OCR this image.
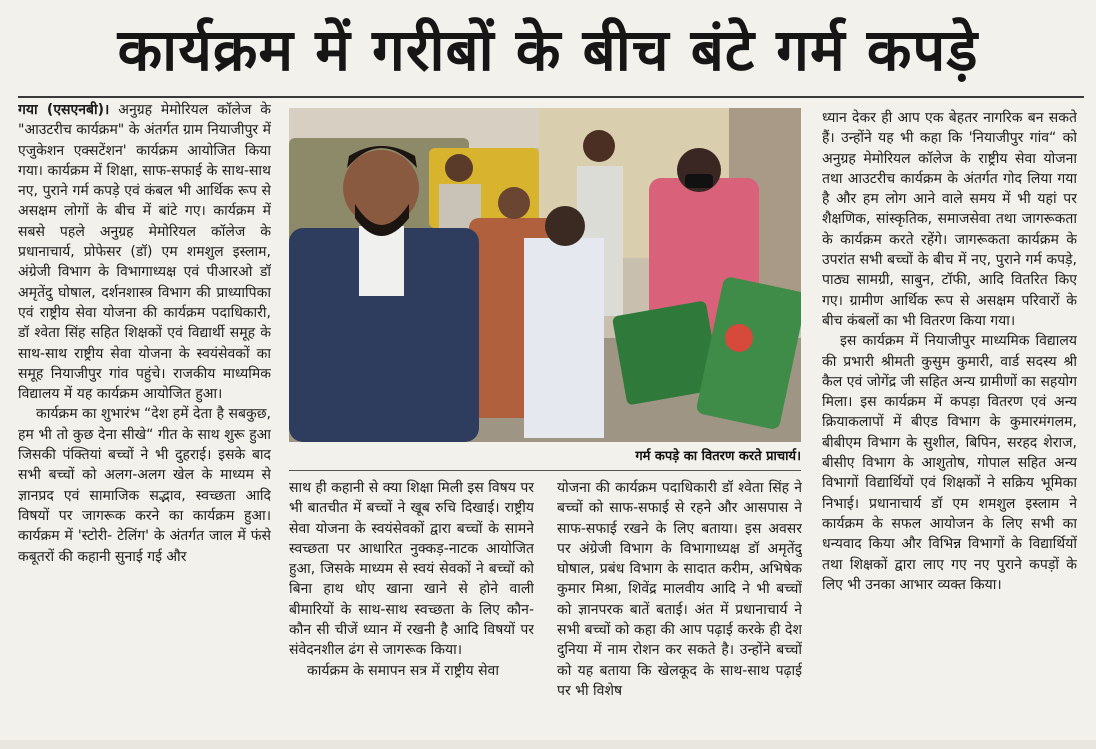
कार्यक्रम में गरीबों के बीच बंटे गर्म कपड़े

गया (एसएनबी)। अनुग्रह मेमोरियल कॉलेज के "आउटरीच कार्यक्रम" के अंतर्गत ग्राम नियाजीपुर में एजुकेशन एक्सटेंशन' कार्यक्रम आयोजित किया गया। कार्यक्रम में शिक्षा, साफ-सफाई के साथ-साथ नए, पुराने गर्म कपड़े एवं कंबल भी आर्थिक रूप से असक्षम लोगों के बीच में बांटे गए। कार्यक्रम में सबसे पहले अनुग्रह मेमोरियल कॉलेज के प्रधानाचार्य, प्रोफेसर (डॉ) एम शमशुल इस्लाम, अंग्रेजी विभाग के विभागाध्यक्ष एवं पीआरओ डॉ अमृतेंदु घोषाल, दर्शनशास्त्र विभाग की प्राध्यापिका एवं राष्ट्रीय सेवा योजना की कार्यक्रम पदाधिकारी, डॉ श्वेता सिंह सहित शिक्षकों एवं विद्यार्थी समूह के साथ-साथ राष्ट्रीय सेवा योजना के स्वयंसेवकों का समूह नियाजीपुर गांव पहुंचे। राजकीय माध्यमिक विद्यालय में यह कार्यक्रम आयोजित हुआ।

कार्यक्रम का शुभारंभ “देश हमें देता है सबकुछ, हम भी तो कुछ देना सीखे“ गीत के साथ शुरू हुआ जिसकी पंक्तियां बच्चों ने भी दुहराई। इसके बाद सभी बच्चों को अलग-अलग खेल के माध्यम से ज्ञानप्रद एवं सामाजिक सद्भाव, स्वच्छता आदि विषयों पर जागरूक करने का कार्यक्रम हुआ। कार्यक्रम में 'स्टोरी- टेलिंग' के अंतर्गत जाल में फंसे कबूतरों की कहानी सुनाई गई और

गर्म कपड़े का वितरण करते प्राचार्य।

साथ ही कहानी से क्या शिक्षा मिली इस विषय पर भी बातचीत में बच्चों ने खूब रुचि दिखाई। राष्ट्रीय सेवा योजना के स्वयंसेवकों द्वारा बच्चों के सामने स्वच्छता पर आधारित नुक्कड़-नाटक आयोजित हुआ, जिसके माध्यम से स्वयं सेवकों ने बच्चों को बिना हाथ धोए खाना खाने से होने वाली बीमारियों के साथ-साथ स्वच्छता के लिए कौन-कौन सी चीजें ध्यान में रखनी है आदि विषयों पर संवेदनशील ढंग से जागरूक किया।

कार्यक्रम के समापन सत्र में राष्ट्रीय सेवा

योजना की कार्यक्रम पदाधिकारी डॉ श्वेता सिंह ने बच्चों को साफ-सफाई से रहने और आसपास ने साफ-सफाई रखने के लिए बताया। इस अवसर पर अंग्रेजी विभाग के विभागाध्यक्ष डॉ अमृतेंदु घोषाल, प्रबंध विभाग के सादात करीम, अभिषेक कुमार मिश्रा, शिवेंद्र मालवीय आदि ने भी बच्चों को ज्ञानपरक बातें बताई। अंत में प्रधानाचार्य ने सभी बच्चों को कहा की आप पढ़ाई करके ही देश दुनिया में नाम रोशन कर सकते है। उन्होंने बच्चों को यह बताया कि खेलकूद के साथ-साथ पढ़ाई पर भी विशेष

ध्यान देकर ही आप एक बेहतर नागरिक बन सकते हैं। उन्होंने यह भी कहा कि 'नियाजीपुर गांव“ को अनुग्रह मेमोरियल कॉलेज के राष्ट्रीय सेवा योजना तथा आउटरीच कार्यक्रम के अंतर्गत गोद लिया गया है और हम लोग आने वाले समय में भी यहां पर शैक्षणिक, सांस्कृतिक, समाजसेवा तथा जागरूकता के कार्यक्रम करते रहेंगे। जागरूकता कार्यक्रम के उपरांत सभी बच्चों के बीच में नए, पुराने गर्म कपड़े, पाठ्य सामग्री, साबुन, टॉफी, आदि वितरित किए गए। ग्रामीण आर्थिक रूप से असक्षम परिवारों के बीच कंबलों का भी वितरण किया गया।

इस कार्यक्रम में नियाजीपुर माध्यमिक विद्यालय की प्रभारी श्रीमती कुसुम कुमारी, वार्ड सदस्य श्री कैल एवं जोगेंद्र जी सहित अन्य ग्रामीणों का सहयोग मिला। इस कार्यक्रम में कपड़ा वितरण एवं अन्य क्रियाकलापों में बीएड विभाग के कुमारमंगलम, बीबीएम विभाग के सुशील, बिपिन, सरहद शेराज, बीसीए विभाग के आशुतोष, गोपाल सहित अन्य विभागों विद्यार्थियों एवं शिक्षकों ने सक्रिय भूमिका निभाई। प्रधानाचार्य डॉ एम शमशुल इस्लाम ने कार्यक्रम के सफल आयोजन के लिए सभी का धन्यवाद किया और विभिन्न विभागों के विद्यार्थियों तथा शिक्षकों द्वारा लाए गए नए पुराने कपड़ों के लिए भी उनका आभार व्यक्त किया।
